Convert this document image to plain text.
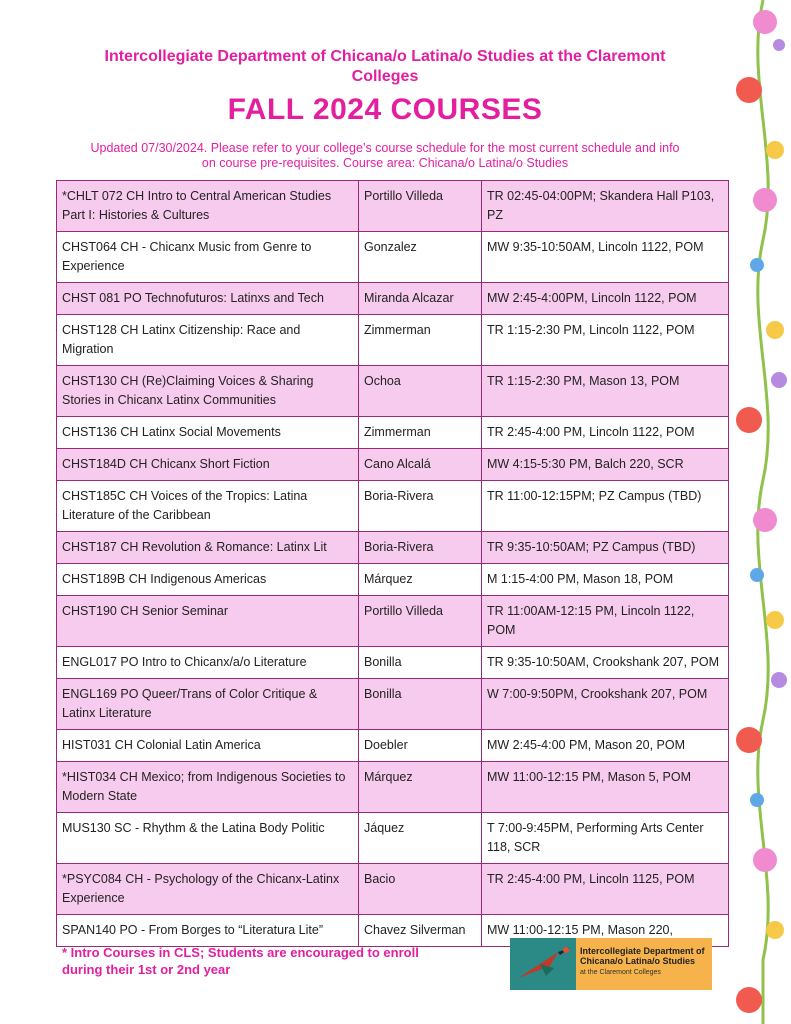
Intercollegiate Department of Chicana/o Latina/o Studies at the Claremont Colleges
FALL 2024 COURSES
Updated 07/30/2024. Please refer to your college’s course schedule for the most current schedule and info on course pre-requisites. Course area: Chicana/o Latina/o Studies
*CHLT 072 CH Intro to Central American Studies Part I: Histories & Cultures	Portillo Villeda	TR 02:45-04:00PM; Skandera Hall P103, PZ
CHST064 CH - Chicanx Music from Genre to Experience	Gonzalez	MW 9:35-10:50AM, Lincoln 1122, POM
CHST 081 PO Technofuturos: Latinxs and Tech	Miranda Alcazar	MW 2:45-4:00PM, Lincoln 1122, POM
CHST128 CH Latinx Citizenship: Race and Migration	Zimmerman	TR 1:15-2:30 PM, Lincoln 1122, POM
CHST130 CH (Re)Claiming Voices & Sharing Stories in Chicanx Latinx Communities	Ochoa	TR 1:15-2:30 PM, Mason 13, POM
CHST136 CH Latinx Social Movements	Zimmerman	TR 2:45-4:00 PM, Lincoln 1122, POM
CHST184D CH Chicanx Short Fiction	Cano Alcalá	MW 4:15-5:30 PM, Balch 220, SCR
CHST185C CH Voices of the Tropics: Latina Literature of the Caribbean	Boria-Rivera	TR 11:00-12:15PM; PZ Campus (TBD)
CHST187 CH Revolution & Romance: Latinx Lit	Boria-Rivera	TR 9:35-10:50AM; PZ Campus (TBD)
CHST189B CH Indigenous Americas	Márquez	M 1:15-4:00 PM, Mason 18, POM
CHST190 CH Senior Seminar	Portillo Villeda	TR 11:00AM-12:15 PM, Lincoln 1122, POM
ENGL017 PO Intro to Chicanx/a/o Literature	Bonilla	TR 9:35-10:50AM, Crookshank 207, POM
ENGL169 PO Queer/Trans of Color Critique & Latinx Literature	Bonilla	W 7:00-9:50PM, Crookshank 207, POM
HIST031 CH Colonial Latin America	Doebler	MW 2:45-4:00 PM, Mason 20, POM
*HIST034 CH Mexico; from Indigenous Societies to Modern State	Márquez	MW 11:00-12:15 PM, Mason 5, POM
MUS130 SC - Rhythm & the Latina Body Politic	Jáquez	T 7:00-9:45PM, Performing Arts Center 118, SCR
*PSYC084 CH - Psychology of the Chicanx-Latinx Experience	Bacio	TR 2:45-4:00 PM, Lincoln 1125, POM
SPAN140 PO - From Borges to “Literatura Lite”	Chavez Silverman	MW 11:00-12:15 PM, Mason 220,
* Intro Courses in CLS; Students are encouraged to enroll during their 1st or 2nd year
Intercollegiate Department of Chicana/o Latina/o Studies
at the Claremont Colleges
